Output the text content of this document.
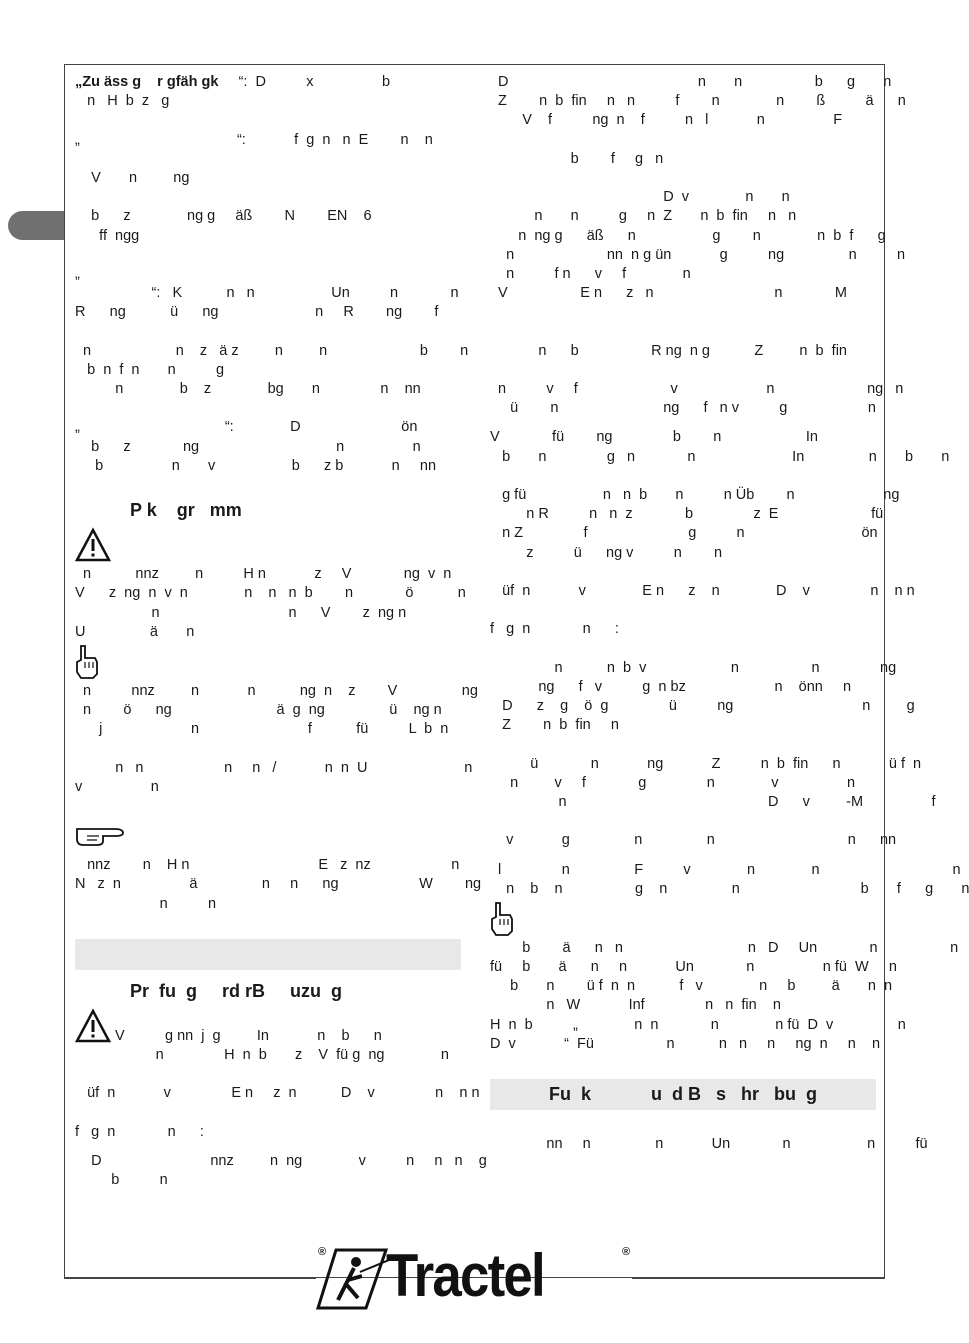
„Zu äss g    r gfäh gk     “:  D          x                 b
n   H  b  z   g
„                                       “:            f  g  n   n  E        n    n
V       n         ng
b      z              ng g     äß        N        EN    6
ff  ngg
„
“:   K           n   n                   Un          n             n
R      ng           ü      ng                        n     R        ng        f
n                     n    z   ä z         n         n                       b        n
b  n  f  n       n          g
n              b    z              bg       n               n    nn
„                                    “:              D                         ön
b      z             ng                                  n                 n
b                 n       v                   b      z b            n     nn
P k    gr   mm
n           nnz         n          H n            z     V             ng  v  n
V      z  ng  n  v  n              n    n   n  b        n             ö           n
n                                n      V        z  ng n
U                ä       n
n          nnz         n            n           ng  n    z        V                ng
n        ö      ng                          ä  g  ng                ü    ng n
j                      n                           f           fü          L  b  n
n   n                    n     n   /            n  n  U                        n
v                 n
nnz        n    H n                                E   z  nz                    n
N   z  n                 ä                n     n      ng                    W        ng
n          n
Pr  fu  g     rd rB     uzu  g
V          g nn  j  g         In            n    b      n
n               H  n  b       z    V  fü g  ng              n
üf  n            v               E n     z  n           D    v               n    n n
f   g  n             n      :
D                           nnz         n  ng              v          n     n   n    g
b          n
D                                               n       n                  b      g       n
Z        n  b  fin     n   n          f        n              n        ß          ä      n
V    f          ng  n    f          n   l            n                 F
b        f     g   n
D  v              n       n
n       n          g     n  Z       n  b  fin     n   n
n  ng g      äß      n                   g        n              n  b  f      g
n                       nn  n g ün            g          ng                n          n
n          f n      v     f              n
V                  E n      z   n                              n             M
n      b                  R ng  n g           Z         n  b  fin
n          v     f                       v                      n                       ng   n
ü        n                          ng      f   n v          g                    n
V             fü        ng               b        n                     In
b       n               g   n             n                        In                n       b       n
g fü                   n   n  b       n          n Üb        n                      ng
n R          n   n  z             b               z  E                       fü
n Z               f                         g          n                             ön
z          ü      ng v          n        n
üf  n            v              E n      z    n              D    v               n    n n
f   g  n             n      :
n           n  b  v                     n                  n               ng
ng      f   v          g  n bz                      n    önn     n
D      z    g    ö  g               ü          ng                                n         g
Z        n  b  fin     n
ü             n            ng            Z          n  b  fin      n            ü f  n
n         v     f             g               n              v                 n
n                                                  D      v         -M                 f
v            g                n                n                                 n      nn
l               n                F          v              n              n                                 n
n    b    n                  g    n                n                              b       f      g       n
b        ä      n   n                               n   D     Un             n                  n
fü     b       ä      n     n            Un             n                 n fü  W     n
b       n        ü f  n  n           f   v              n     b         ä       n  n
n   W            Inf               n   n  fin    n
H  n  b          „              n  n             n              n fü  D  v                n
D  v            “  Fü                  n           n   n     n     ng  n     n    n
Fu  k            u  d B   s   hr   bu  g
nn     n                n            Un             n                   n          fü
® Tractel	®
